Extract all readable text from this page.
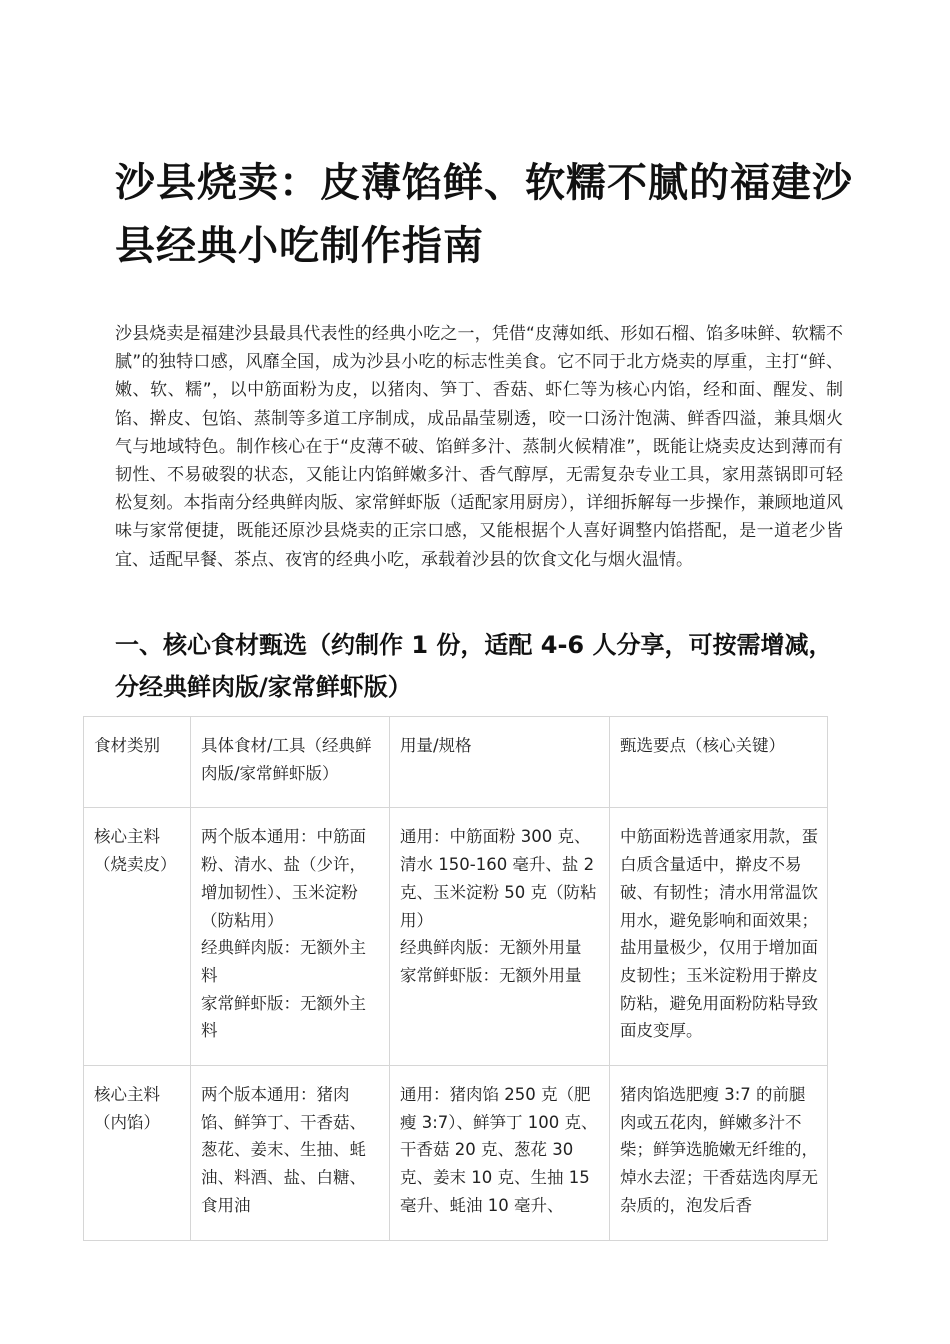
沙县烧卖：皮薄馅鲜、软糯不腻的福建沙县经典小吃制作指南

沙县烧卖是福建沙县最具代表性的经典小吃之一，凭借“皮薄如纸、形如石榴、馅多味鲜、软糯不腻”的独特口感，风靡全国，成为沙县小吃的标志性美食。它不同于北方烧卖的厚重，主打“鲜、嫩、软、糯”，以中筋面粉为皮，以猪肉、笋丁、香菇、虾仁等为核心内馅，经和面、醒发、制馅、擀皮、包馅、蒸制等多道工序制成，成品晶莹剔透，咬一口汤汁饱满、鲜香四溢，兼具烟火气与地域特色。制作核心在于“皮薄不破、馅鲜多汁、蒸制火候精准”，既能让烧卖皮达到薄而有韧性、不易破裂的状态，又能让内馅鲜嫩多汁、香气醇厚，无需复杂专业工具，家用蒸锅即可轻松复刻。本指南分经典鲜肉版、家常鲜虾版（适配家用厨房），详细拆解每一步操作，兼顾地道风味与家常便捷，既能还原沙县烧卖的正宗口感，又能根据个人喜好调整内馅搭配，是一道老少皆宜、适配早餐、茶点、夜宵的经典小吃，承载着沙县的饮食文化与烟火温情。

一、核心食材甄选（约制作 1 份，适配 4-6 人分享，可按需增减，分经典鲜肉版/家常鲜虾版）
食材类别	具体食材/工具（经典鲜肉版/家常鲜虾版）	用量/规格	甄选要点（核心关键）
核心主料（烧卖皮）	两个版本通用：中筋面粉、清水、盐（少许，增加韧性）、玉米淀粉（防粘用）
经典鲜肉版：无额外主料
家常鲜虾版：无额外主料	通用：中筋面粉 300 克、清水 150-160 毫升、盐 2 克、玉米淀粉 50 克（防粘用）
经典鲜肉版：无额外用量
家常鲜虾版：无额外用量	中筋面粉选普通家用款，蛋白质含量适中，擀皮不易破、有韧性；清水用常温饮用水，避免影响和面效果；盐用量极少，仅用于增加面皮韧性；玉米淀粉用于擀皮防粘，避免用面粉防粘导致面皮变厚。
核心主料（内馅）	两个版本通用：猪肉馅、鲜笋丁、干香菇、葱花、姜末、生抽、蚝油、料酒、盐、白糖、食用油	通用：猪肉馅 250 克（肥瘦 3:7）、鲜笋丁 100 克、干香菇 20 克、葱花 30 克、姜末 10 克、生抽 15 毫升、蚝油 10 毫升、	猪肉馅选肥瘦 3:7 的前腿肉或五花肉，鲜嫩多汁不柴；鲜笋选脆嫩无纤维的，焯水去涩；干香菇选肉厚无杂质的，泡发后香
